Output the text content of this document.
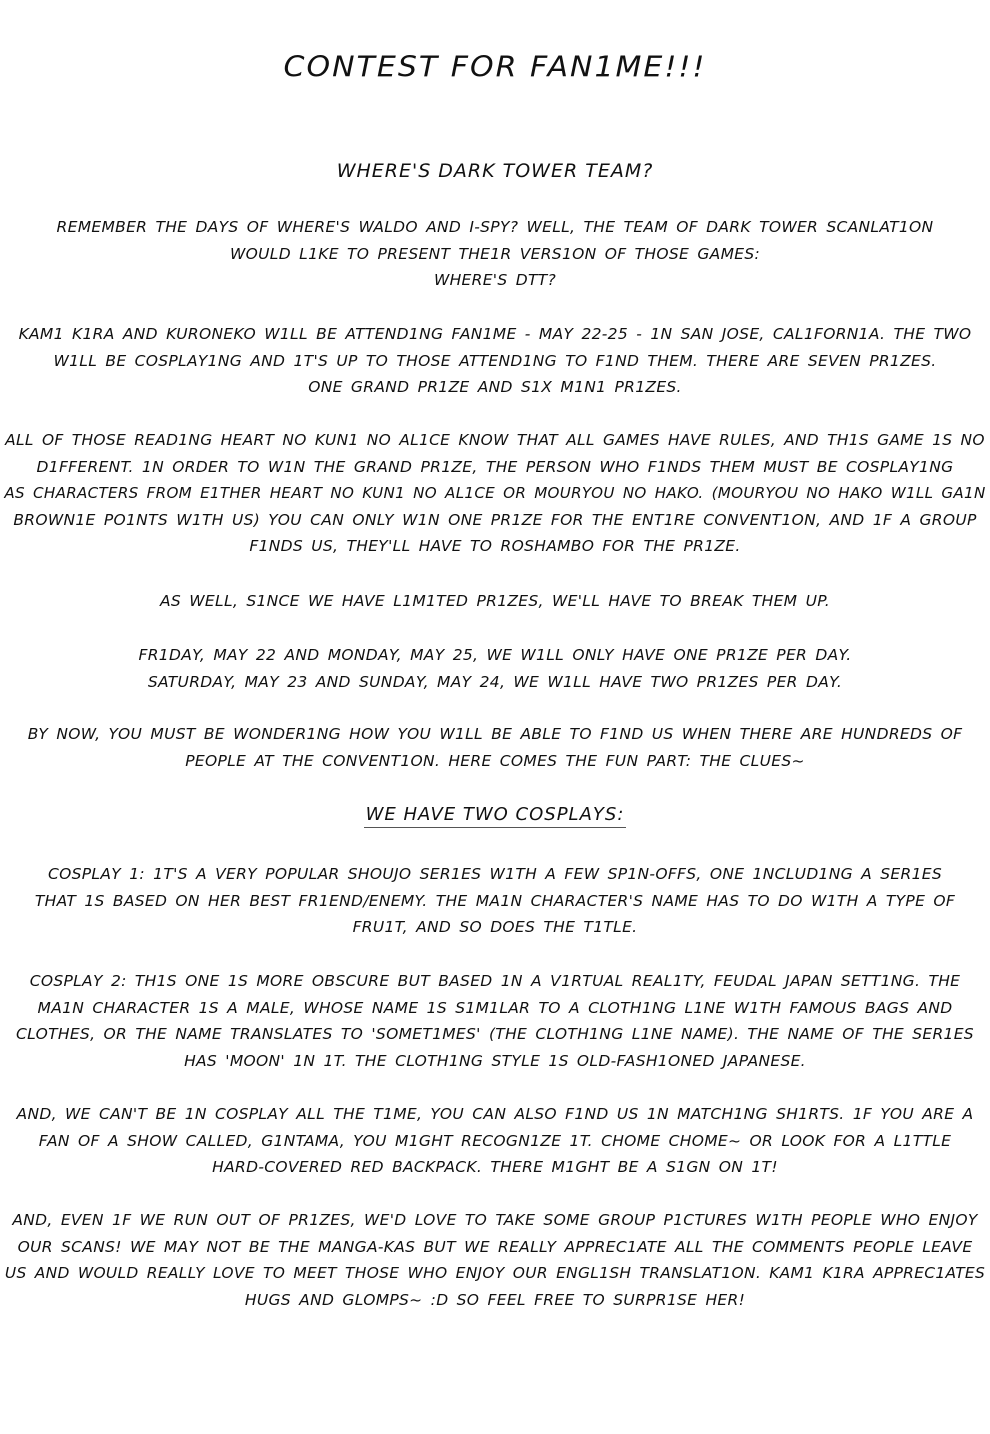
CONTEST FOR FAN1ME!!!
WHERE'S DARK TOWER TEAM?
REMEMBER THE DAYS OF WHERE'S WALDO AND I-SPY? WELL, THE TEAM OF DARK TOWER SCANLAT1ON
WOULD L1KE TO PRESENT THE1R VERS1ON OF THOSE GAMES:
WHERE'S DTT?
KAM1 K1RA AND KURONEKO W1LL BE ATTEND1NG FAN1ME - MAY 22-25 - 1N SAN JOSE, CAL1FORN1A. THE TWO
W1LL BE COSPLAY1NG AND 1T'S UP TO THOSE ATTEND1NG TO F1ND THEM. THERE ARE SEVEN PR1ZES.
ONE GRAND PR1ZE AND S1X M1N1 PR1ZES.
ALL OF THOSE READ1NG HEART NO KUN1 NO AL1CE KNOW THAT ALL GAMES HAVE RULES, AND TH1S GAME 1S NO
D1FFERENT. 1N ORDER TO W1N THE GRAND PR1ZE, THE PERSON WHO F1NDS THEM MUST BE COSPLAY1NG
AS CHARACTERS FROM E1THER HEART NO KUN1 NO AL1CE OR MOURYOU NO HAKO. (MOURYOU NO HAKO W1LL GA1N
BROWN1E PO1NTS W1TH US) YOU CAN ONLY W1N ONE PR1ZE FOR THE ENT1RE CONVENT1ON, AND 1F A GROUP
F1NDS US, THEY'LL HAVE TO ROSHAMBO FOR THE PR1ZE.
AS WELL, S1NCE WE HAVE L1M1TED PR1ZES, WE'LL HAVE TO BREAK THEM UP.
FR1DAY, MAY 22 AND MONDAY, MAY 25, WE W1LL ONLY HAVE ONE PR1ZE PER DAY.
SATURDAY, MAY 23 AND SUNDAY, MAY 24, WE W1LL HAVE TWO PR1ZES PER DAY.
BY NOW, YOU MUST BE WONDER1NG HOW YOU W1LL BE ABLE TO F1ND US WHEN THERE ARE HUNDREDS OF
PEOPLE AT THE CONVENT1ON. HERE COMES THE FUN PART: THE CLUES~
WE HAVE TWO COSPLAYS:
COSPLAY 1: 1T'S A VERY POPULAR SHOUJO SER1ES W1TH A FEW SP1N-OFFS, ONE 1NCLUD1NG A SER1ES
THAT 1S BASED ON HER BEST FR1END/ENEMY. THE MA1N CHARACTER'S NAME HAS TO DO W1TH A TYPE OF
FRU1T, AND SO DOES THE T1TLE.
COSPLAY 2: TH1S ONE 1S MORE OBSCURE BUT BASED 1N A V1RTUAL REAL1TY, FEUDAL JAPAN SETT1NG. THE
MA1N CHARACTER 1S A MALE, WHOSE NAME 1S S1M1LAR TO A CLOTH1NG L1NE W1TH FAMOUS BAGS AND
CLOTHES, OR THE NAME TRANSLATES TO 'SOMET1MES' (THE CLOTH1NG L1NE NAME). THE NAME OF THE SER1ES
HAS 'MOON' 1N 1T. THE CLOTH1NG STYLE 1S OLD-FASH1ONED JAPANESE.
AND, WE CAN'T BE 1N COSPLAY ALL THE T1ME, YOU CAN ALSO F1ND US 1N MATCH1NG SH1RTS. 1F YOU ARE A
FAN OF A SHOW CALLED, G1NTAMA, YOU M1GHT RECOGN1ZE 1T. CHOME CHOME~ OR LOOK FOR A L1TTLE
HARD-COVERED RED BACKPACK. THERE M1GHT BE A S1GN ON 1T!
AND, EVEN 1F WE RUN OUT OF PR1ZES, WE'D LOVE TO TAKE SOME GROUP P1CTURES W1TH PEOPLE WHO ENJOY
OUR SCANS! WE MAY NOT BE THE MANGA-KAS BUT WE REALLY APPREC1ATE ALL THE COMMENTS PEOPLE LEAVE
US AND WOULD REALLY LOVE TO MEET THOSE WHO ENJOY OUR ENGL1SH TRANSLAT1ON. KAM1 K1RA APPREC1ATES
HUGS AND GLOMPS~ :D SO FEEL FREE TO SURPR1SE HER!
